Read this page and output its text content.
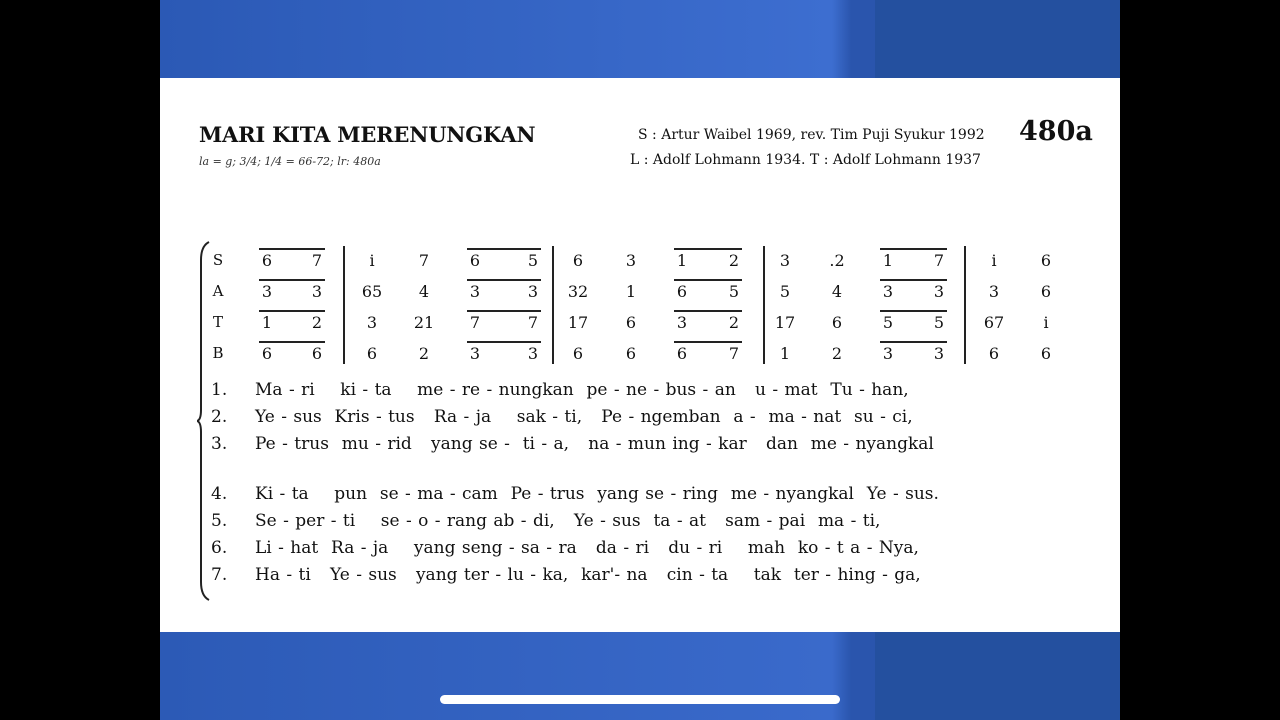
MARI KITA MERENUNGKAN
la = g; 3/4; 1/4 = 66-72; lr: 480a
S : Artur Waibel 1969, rev. Tim Puji Syukur 1992
L : Adolf Lohmann 1934. T : Adolf Lohmann 1937
480a
S	6	7	i	7	6	5	6	3	1	2	3	.2	1	7	i	6
A	3	3	65	4	3	3	32	1	6	5	5	4	3	3	3	6
T	1	2	3	21	7	7	17	6	3	2	17	6	5	5	67	i
B	6	6	6	2	3	3	6	6	6	7	1	2	3	3	6	6
1. Ma - ri    ki - ta    me - re - nungkan  pe - ne - bus - an   u - mat  Tu - han,
2. Ye - sus  Kris - tus   Ra - ja    sak - ti,   Pe - ngemban  a -  ma - nat  su - ci,
3. Pe - trus  mu - rid   yang se -  ti - a,   na - mun ing - kar   dan  me - nyangkal
4. Ki - ta    pun  se - ma - cam  Pe - trus  yang se - ring  me - nyangkal  Ye - sus.
5. Se - per - ti    se - o - rang ab - di,   Ye - sus  ta - at   sam - pai  ma - ti,
6. Li - hat  Ra - ja    yang seng - sa - ra   da - ri   du - ri    mah  ko - t a - Nya,
7. Ha - ti   Ye - sus   yang ter - lu - ka,  kar'- na   cin - ta    tak  ter - hing - ga,
